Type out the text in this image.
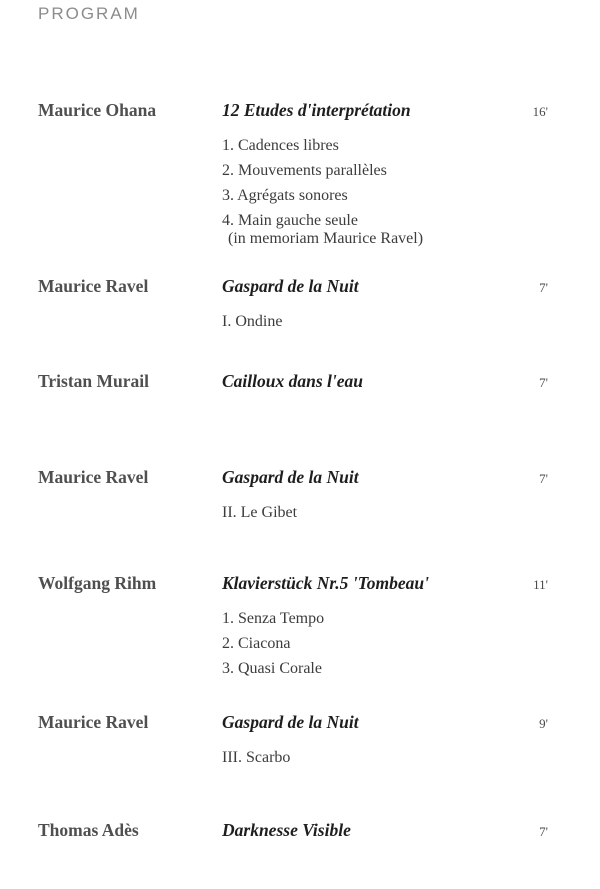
PROGRAM
Maurice Ohana	12 Etudes d'interprétation	16'
1. Cadences libres
2. Mouvements parallèles
3. Agrégats sonores
4. Main gauche seule
(in memoriam Maurice Ravel)
Maurice Ravel	Gaspard de la Nuit	7'
I. Ondine
Tristan Murail	Cailloux dans l'eau	7'
Maurice Ravel	Gaspard de la Nuit	7'
II. Le Gibet
Wolfgang Rihm	Klavierstück Nr.5 'Tombeau'	11'
1. Senza Tempo
2. Ciacona
3. Quasi Corale
Maurice Ravel	Gaspard de la Nuit	9'
III. Scarbo
Thomas Adès	Darknesse Visible	7'
